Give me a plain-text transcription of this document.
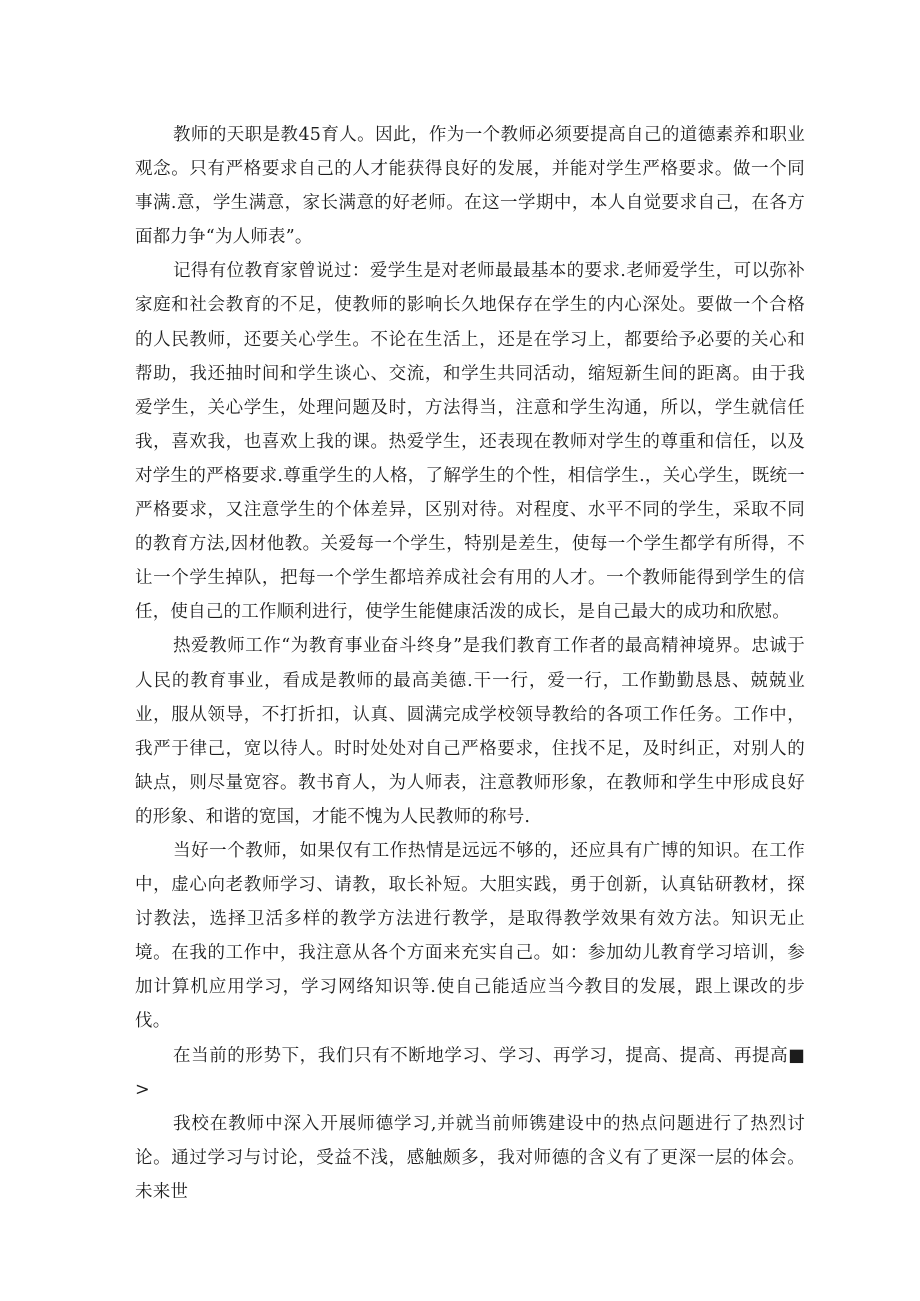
教师的天职是教45育人。因此，作为一个教师必须要提高自己的道德素养和职业观念。只有严格要求自己的人才能获得良好的发展，并能对学生严格要求。做一个同事满.意，学生满意，家长满意的好老师。在这一学期中，本人自觉要求自己，在各方面都力争“为人师表”。

记得有位教育家曾说过：爱学生是对老师最最基本的要求.老师爱学生，可以弥补家庭和社会教育的不足，使教师的影响长久地保存在学生的内心深处。要做一个合格的人民教师，还要关心学生。不论在生活上，还是在学习上，都要给予必要的关心和帮助，我还抽时间和学生谈心、交流，和学生共同活动，缩短新生间的距离。由于我爱学生，关心学生，处理问题及时，方法得当，注意和学生沟通，所以，学生就信任我，喜欢我，也喜欢上我的课。热爱学生，还表现在教师对学生的尊重和信任，以及对学生的严格要求.尊重学生的人格，了解学生的个性，相信学生.，关心学生，既统一严格要求，又注意学生的个体差异，区别对待。对程度、水平不同的学生，采取不同的教育方法,因材他教。关爱每一个学生，特别是差生，使每一个学生都学有所得，不让一个学生掉队，把每一个学生都培养成社会有用的人才。一个教师能得到学生的信任，使自己的工作顺利进行，使学生能健康活泼的成长，是自己最大的成功和欣慰。

热爱教师工作“为教育事业奋斗终身”是我们教育工作者的最高精神境界。忠诚于人民的教育事业，看成是教师的最高美德.干一行，爱一行，工作勤勤恳恳、兢兢业业，服从领导，不打折扣，认真、圆满完成学校领导教给的各项工作任务。工作中，我严于律己，宽以待人。时时处处对自己严格要求，住找不足，及时纠正，对别人的缺点，则尽量宽容。教书育人，为人师表，注意教师形象，在教师和学生中形成良好的形象、和谐的宽国，才能不愧为人民教师的称号.

当好一个教师，如果仅有工作热情是远远不够的，还应具有广博的知识。在工作中，虚心向老教师学习、请教，取长补短。大胆实践，勇于创新，认真钻研教材，探讨教法，选择卫活多样的教学方法进行教学，是取得教学效果有效方法。知识无止境。在我的工作中，我注意从各个方面来充实自己。如：参加幼儿教育学习培训，参加计算机应用学习，学习网络知识等.使自己能适应当今教目的发展，跟上课改的步伐。

在当前的形势下，我们只有不断地学习、学习、再学习，提高、提高、再提高■>

我校在教师中深入开展师德学习,并就当前师镌建设中的热点问题进行了热烈讨论。通过学习与讨论，受益不浅，感触颇多，我对师德的含义有了更深一层的体会。未来世
